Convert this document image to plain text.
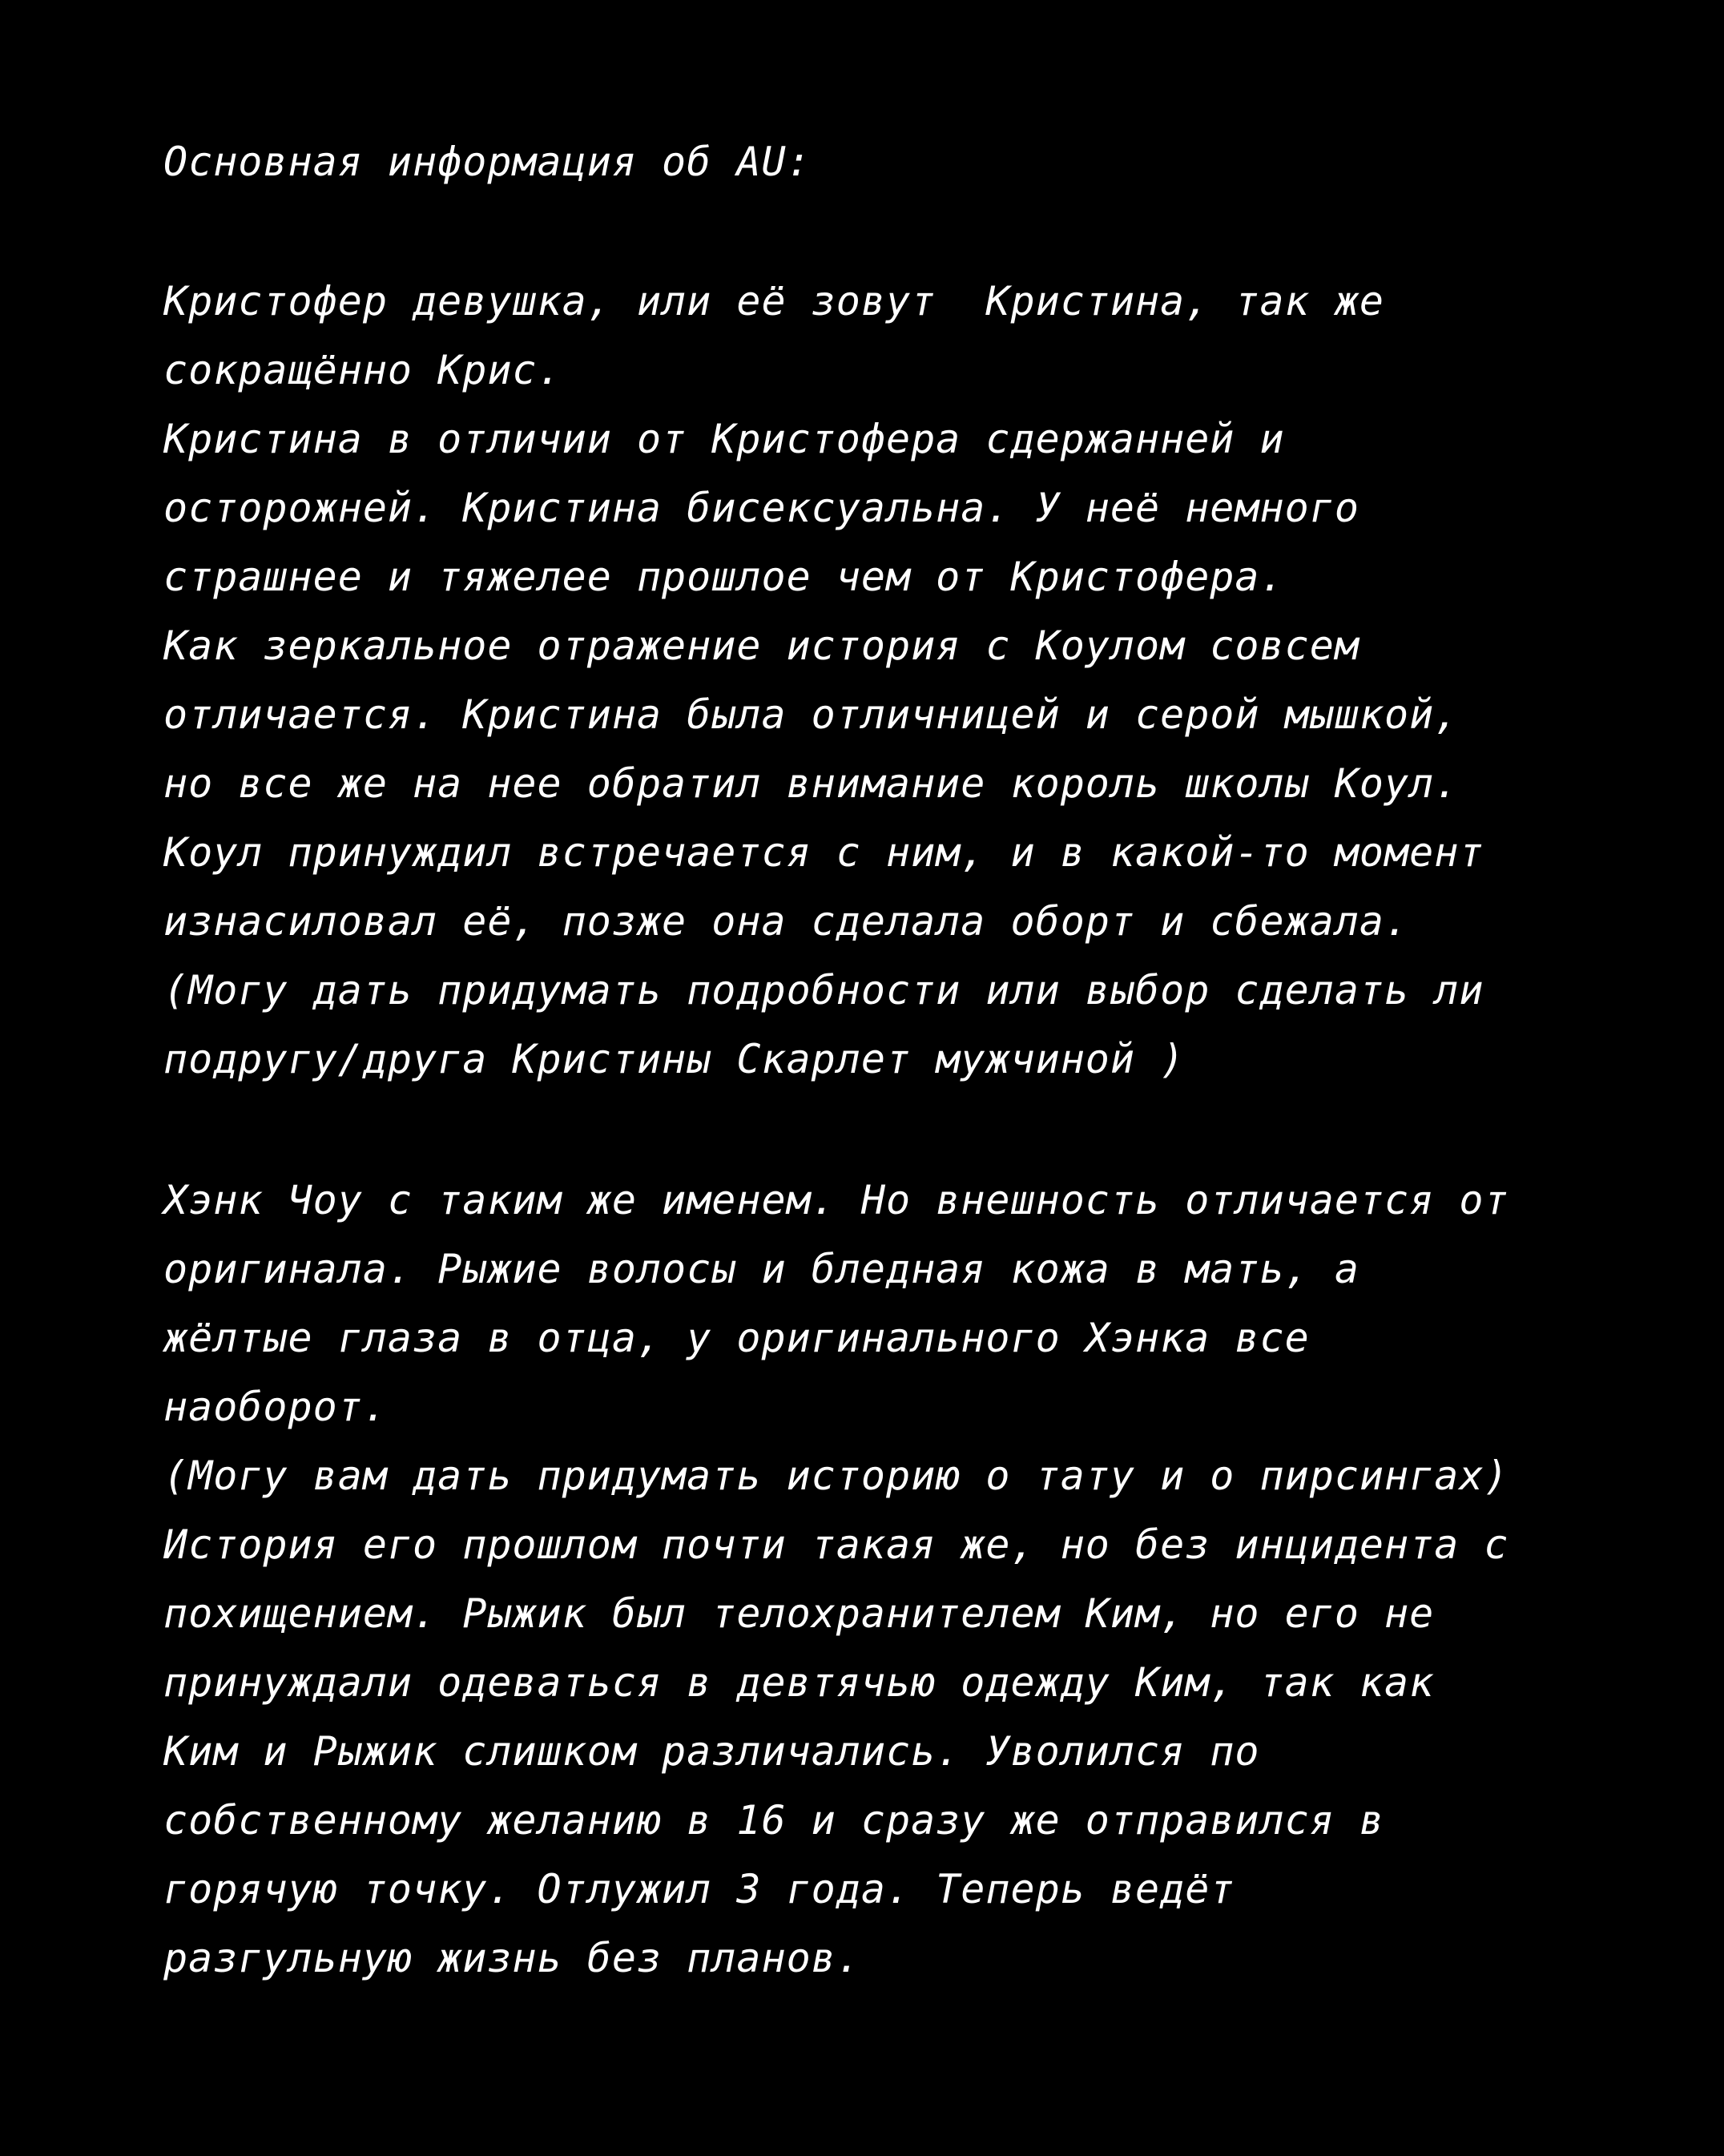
Основная информация об AU:

Кристофер девушка, или её зовут  Кристина, так же

сокращённо Крис.

Кристина в отличии от Кристофера сдержанней и

осторожней. Кристина бисексуальна. У неё немного

страшнее и тяжелее прошлое чем от Кристофера.

Как зеркальное отражение история с Коулом совсем

отличается. Кристина была отличницей и серой мышкой,

но все же на нее обратил внимание король школы Коул.

Коул принуждил встречается с ним, и в какой-то момент

изнасиловал её, позже она сделала оборт и сбежала.

(Могу дать придумать подробности или выбор сделать ли

подругу/друга Кристины Скарлет мужчиной )

Хэнк Чоу с таким же именем. Но внешность отличается от

оригинала. Рыжие волосы и бледная кожа в мать, а

жёлтые глаза в отца, у оригинального Хэнка все

наоборот.

(Могу вам дать придумать историю о тату и о пирсингах)

История его прошлом почти такая же, но без инцидента с

похищением. Рыжик был телохранителем Ким, но его не

принуждали одеваться в девтячью одежду Ким, так как

Ким и Рыжик слишком различались. Уволился по

собственному желанию в 16 и сразу же отправился в

горячую точку. Отлужил 3 года. Теперь ведёт

разгульную жизнь без планов.
